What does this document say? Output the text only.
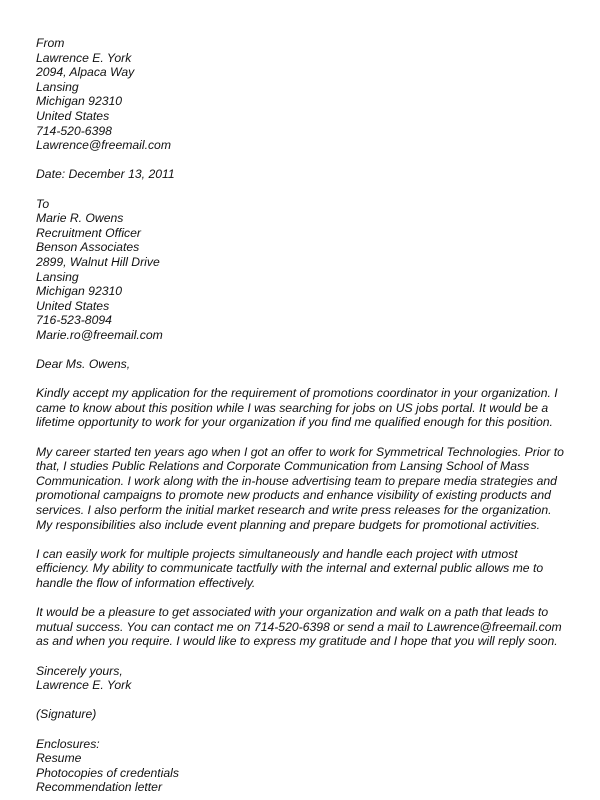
From
Lawrence E. York
2094, Alpaca Way
Lansing
Michigan 92310
United States
714-520-6398
Lawrence@freemail.com
Date: December 13, 2011
To
Marie R. Owens
Recruitment Officer
Benson Associates
2899, Walnut Hill Drive
Lansing
Michigan 92310
United States
716-523-8094
Marie.ro@freemail.com
Dear Ms. Owens,
Kindly accept my application for the requirement of promotions coordinator in your organization. I
came to know about this position while I was searching for jobs on US jobs portal. It would be a
lifetime opportunity to work for your organization if you find me qualified enough for this position.
My career started ten years ago when I got an offer to work for Symmetrical Technologies. Prior to
that, I studies Public Relations and Corporate Communication from Lansing School of Mass
Communication. I work along with the in-house advertising team to prepare media strategies and
promotional campaigns to promote new products and enhance visibility of existing products and
services. I also perform the initial market research and write press releases for the organization.
My responsibilities also include event planning and prepare budgets for promotional activities.
I can easily work for multiple projects simultaneously and handle each project with utmost
efficiency. My ability to communicate tactfully with the internal and external public allows me to
handle the flow of information effectively.
It would be a pleasure to get associated with your organization and walk on a path that leads to
mutual success. You can contact me on 714-520-6398 or send a mail to Lawrence@freemail.com
as and when you require. I would like to express my gratitude and I hope that you will reply soon.
Sincerely yours,
Lawrence E. York
(Signature)
Enclosures:
Resume
Photocopies of credentials
Recommendation letter
